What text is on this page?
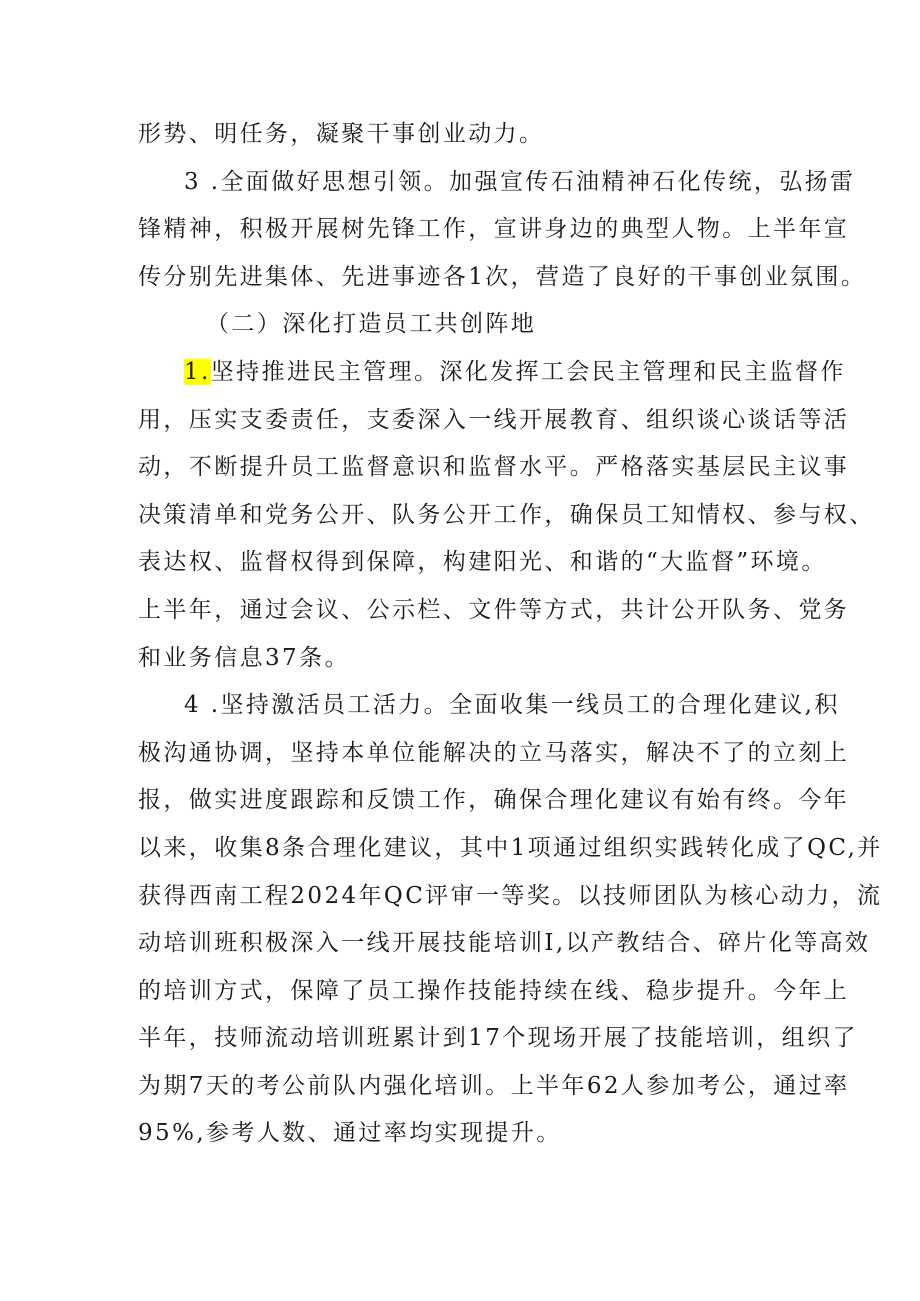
形势、明任务，凝聚干事创业动力。
3 .全面做好思想引领。加强宣传石油精神石化传统，弘扬雷
锋精神，积极开展树先锋工作，宣讲身边的典型人物。上半年宣
传分别先进集体、先进事迹各1次，营造了良好的干事创业氛围。
（二）深化打造员工共创阵地
1.坚持推进民主管理。深化发挥工会民主管理和民主监督作
用，压实支委责任，支委深入一线开展教育、组织谈心谈话等活
动，不断提升员工监督意识和监督水平。严格落实基层民主议事
决策清单和党务公开、队务公开工作，确保员工知情权、参与权、
表达权、监督权得到保障，构建阳光、和谐的“大监督”环境。
上半年，通过会议、公示栏、文件等方式，共计公开队务、党务
和业务信息37条。
4 .坚持激活员工活力。全面收集一线员工的合理化建议,积
极沟通协调，坚持本单位能解决的立马落实，解决不了的立刻上
报，做实进度跟踪和反馈工作，确保合理化建议有始有终。今年
以来，收集8条合理化建议，其中1项通过组织实践转化成了QC,并
获得西南工程2024年QC评审一等奖。以技师团队为核心动力，流
动培训班积极深入一线开展技能培训I,以产教结合、碎片化等高效
的培训方式，保障了员工操作技能持续在线、稳步提升。今年上
半年，技师流动培训班累计到17个现场开展了技能培训，组织了
为期7天的考公前队内强化培训。上半年62人参加考公，通过率
95%,参考人数、通过率均实现提升。
